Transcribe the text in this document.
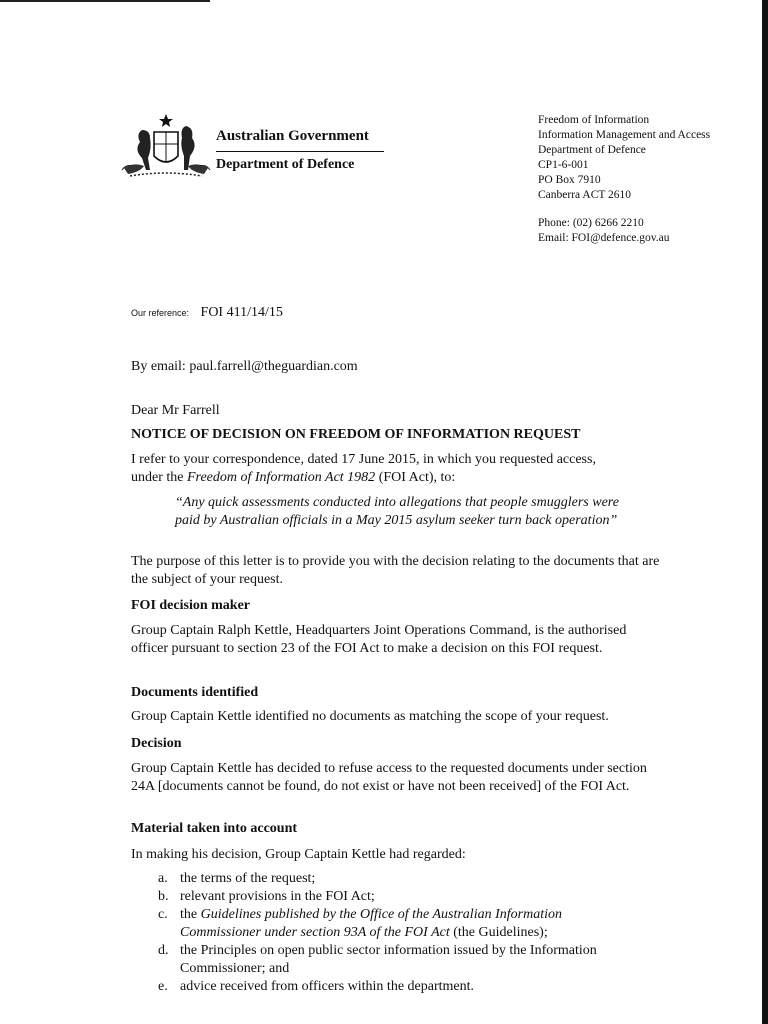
Australian Government
Department of Defence
Freedom of Information
Information Management and Access
Department of Defence
CP1-6-001
PO Box 7910
Canberra ACT 2610
Phone: (02) 6266 2210
Email: FOI@defence.gov.au
Our reference: FOI 411/14/15
By email: paul.farrell@theguardian.com
Dear Mr Farrell
NOTICE OF DECISION ON FREEDOM OF INFORMATION REQUEST
I refer to your correspondence, dated 17 June 2015, in which you requested access,
under the Freedom of Information Act 1982 (FOI Act), to:
“Any quick assessments conducted into allegations that people smugglers were paid by Australian officials in a May 2015 asylum seeker turn back operation”
The purpose of this letter is to provide you with the decision relating to the documents that are the subject of your request.
FOI decision maker
Group Captain Ralph Kettle, Headquarters Joint Operations Command, is the authorised officer pursuant to section 23 of the FOI Act to make a decision on this FOI request.
Documents identified
Group Captain Kettle identified no documents as matching the scope of your request.
Decision
Group Captain Kettle has decided to refuse access to the requested documents under section 24A [documents cannot be found, do not exist or have not been received] of the FOI Act.
Material taken into account
In making his decision, Group Captain Kettle had regarded:
a. the terms of the request;
b. relevant provisions in the FOI Act;
c. the Guidelines published by the Office of the Australian Information Commissioner under section 93A of the FOI Act (the Guidelines);
d. the Principles on open public sector information issued by the Information Commissioner; and
e. advice received from officers within the department.
